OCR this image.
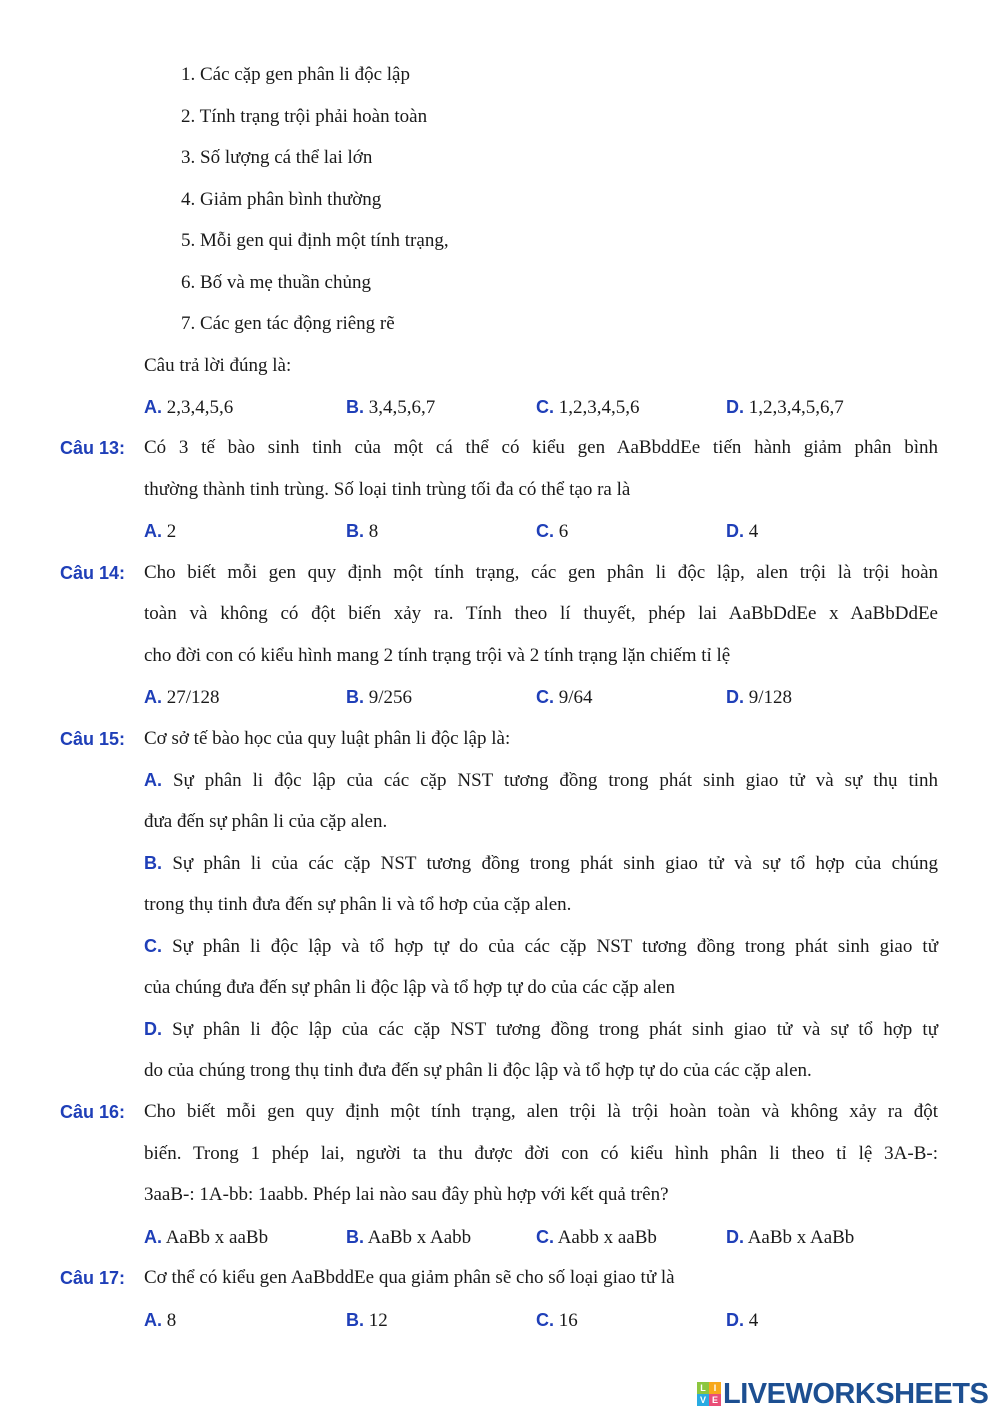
1. Các cặp gen phân li độc lập
2. Tính trạng trội phải hoàn toàn
3. Số lượng cá thể lai lớn
4. Giảm phân bình thường
5. Mỗi gen qui định một tính trạng,
6. Bố và mẹ thuần chủng
7. Các gen tác động riêng rẽ
Câu trả lời đúng là:
A. 2,3,4,5,6	B. 3,4,5,6,7	C. 1,2,3,4,5,6	D. 1,2,3,4,5,6,7
Câu 13: Có 3 tế bào sinh tinh của một cá thể có kiểu gen AaBbddEe tiến hành giảm phân bình
thường thành tinh trùng. Số loại tinh trùng tối đa có thể tạo ra là
A. 2	B. 8	C. 6	D. 4
Câu 14: Cho biết mỗi gen quy định một tính trạng, các gen phân li độc lập, alen trội là trội hoàn
toàn và không có đột biến xảy ra. Tính theo lí thuyết, phép lai AaBbDdEe x AaBbDdEe
cho đời con có kiểu hình mang 2 tính trạng trội và 2 tính trạng lặn chiếm tỉ lệ
A. 27/128	B. 9/256	C. 9/64	D. 9/128
Câu 15: Cơ sở tế bào học của quy luật phân li độc lập là:
A. Sự phân li độc lập của các cặp NST tương đồng trong phát sinh giao tử và sự thụ tinh
đưa đến sự phân li của cặp alen.
B. Sự phân li của các cặp NST tương đồng trong phát sinh giao tử và sự tổ hợp của chúng
trong thụ tinh đưa đến sự phân li và tổ hơp của cặp alen.
C. Sự phân li độc lập và tổ hợp tự do của các cặp NST tương đồng trong phát sinh giao tử
của chúng đưa đến sự phân li độc lập và tổ hợp tự do của các cặp alen
D. Sự phân li độc lập của các cặp NST tương đồng trong phát sinh giao tử và sự tổ hợp tự
do của chúng trong thụ tinh đưa đến sự phân li độc lập và tổ hợp tự do của các cặp alen.
Câu 16: Cho biết mỗi gen quy định một tính trạng, alen trội là trội hoàn toàn và không xảy ra đột
biến. Trong 1 phép lai, người ta thu được đời con có kiểu hình phân li theo tỉ lệ 3A-B-:
3aaB-: 1A-bb: 1aabb. Phép lai nào sau đây phù hợp với kết quả trên?
A. AaBb x aaBb	B. AaBb x Aabb	C. Aabb x aaBb	D. AaBb x AaBb
Câu 17: Cơ thể có kiểu gen AaBbddEe qua giảm phân sẽ cho số loại giao tử là
A. 8	B. 12	C. 16	D. 4
L I
V E LIVEWORKSHEETS
